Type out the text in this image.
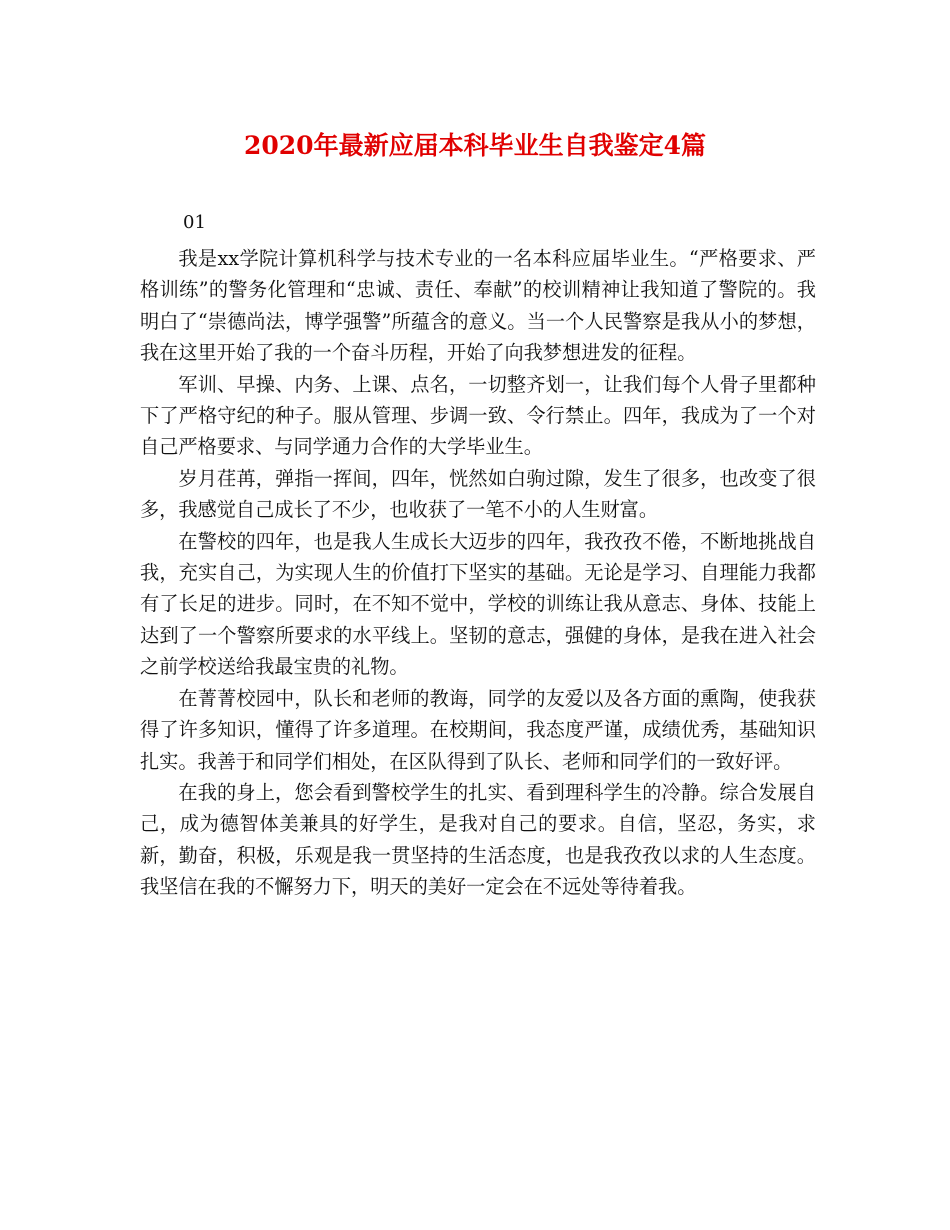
2020年最新应届本科毕业生自我鉴定4篇
01

我是xx学院计算机科学与技术专业的一名本科应届毕业生。“严格要求、严格训练”的警务化管理和“忠诚、责任、奉献”的校训精神让我知道了警院的。我明白了“崇德尚法，博学强警”所蕴含的意义。当一个人民警察是我从小的梦想，我在这里开始了我的一个奋斗历程，开始了向我梦想进发的征程。

军训、早操、内务、上课、点名，一切整齐划一，让我们每个人骨子里都种下了严格守纪的种子。服从管理、步调一致、令行禁止。四年，我成为了一个对自己严格要求、与同学通力合作的大学毕业生。

岁月荏苒，弹指一挥间，四年，恍然如白驹过隙，发生了很多，也改变了很多，我感觉自己成长了不少，也收获了一笔不小的人生财富。

在警校的四年，也是我人生成长大迈步的四年，我孜孜不倦，不断地挑战自我，充实自己，为实现人生的价值打下坚实的基础。无论是学习、自理能力我都有了长足的进步。同时，在不知不觉中，学校的训练让我从意志、身体、技能上达到了一个警察所要求的水平线上。坚韧的意志，强健的身体，是我在进入社会之前学校送给我最宝贵的礼物。

在菁菁校园中，队长和老师的教诲，同学的友爱以及各方面的熏陶，使我获得了许多知识，懂得了许多道理。在校期间，我态度严谨，成绩优秀，基础知识扎实。我善于和同学们相处，在区队得到了队长、老师和同学们的一致好评。

在我的身上，您会看到警校学生的扎实、看到理科学生的冷静。综合发展自己，成为德智体美兼具的好学生，是我对自己的要求。自信，坚忍，务实，求新，勤奋，积极，乐观是我一贯坚持的生活态度，也是我孜孜以求的人生态度。我坚信在我的不懈努力下，明天的美好一定会在不远处等待着我。
